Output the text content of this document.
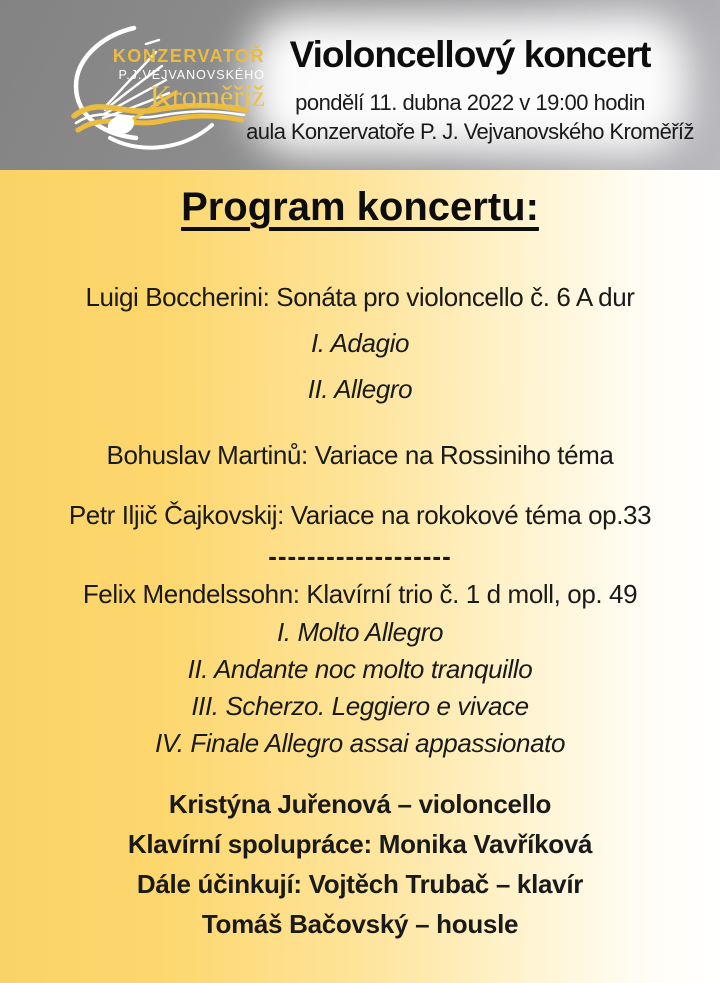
KONZERVATOŘ
P.J.VEJVANOVSKÉHO
Kroměříž
Violoncellový koncert
pondělí 11. dubna 2022 v 19:00 hodin
aula Konzervatoře P. J. Vejvanovského Kroměříž
Program koncertu:
Luigi Boccherini: Sonáta pro violoncello č. 6 A dur
I. Adagio
II. Allegro
Bohuslav Martinů: Variace na Rossiniho téma
Petr Iljič Čajkovskij: Variace na rokokové téma op.33
-------------------
Felix Mendelssohn: Klavírní trio č. 1 d moll, op. 49
I. Molto Allegro
II. Andante noc molto tranquillo
III. Scherzo. Leggiero e vivace
IV. Finale Allegro assai appassionato
Kristýna Juřenová – violoncello
Klavírní spolupráce: Monika Vavříková
Dále účinkují: Vojtěch Trubač – klavír
Tomáš Bačovský – housle
